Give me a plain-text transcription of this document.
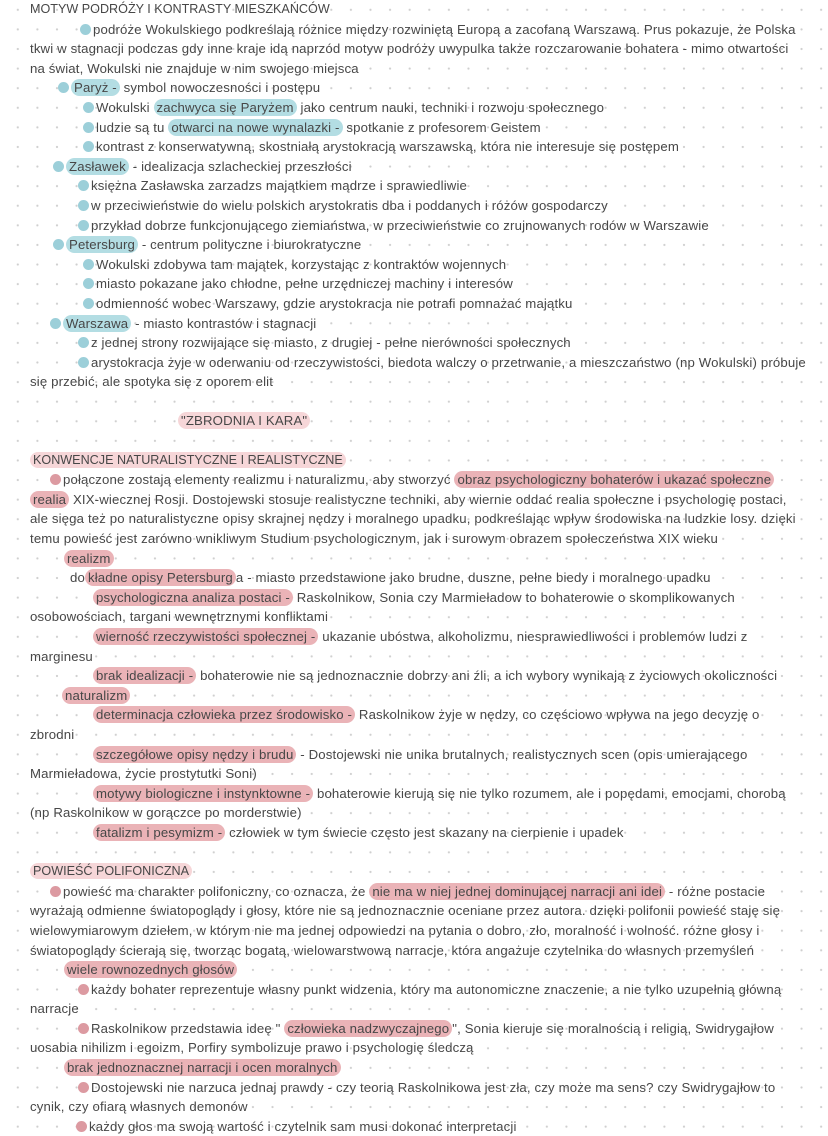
MOTYW PODRÓŻY I KONTRASTY MIESZKAŃCÓW
podróże Wokulskiego podkreślają różnice między rozwiniętą Europą a zacofaną Warszawą. Prus pokazuje, że Polska tkwi w stagnacji podczas gdy inne kraje idą naprzód motyw podróży uwypulka także rozczarowanie bohatera - mimo otwartości na świat, Wokulski nie znajduje w nim swojego miejsca
Paryż - symbol nowoczesności i postępu
Wokulski zachwyca się Paryżem jako centrum nauki, techniki i rozwoju społecznego
ludzie są tu otwarci na nowe wynalazki - spotkanie z profesorem Geistem
kontrast z konserwatywną, skostniałą arystokracją warszawską, która nie interesuje się postępem
Zasławek - idealizacja szlacheckiej przeszłości
księżna Zasławska zarzadzs majątkiem mądrze i sprawiedliwie
w przeciwieństwie do wielu polskich arystokratis dba i poddanych i różów gospodarczy
przykład dobrze funkcjonującego ziemiaństwa, w przeciwieństwie co zrujnowanych rodów w Warszawie
Petersburg - centrum polityczne i biurokratyczne
Wokulski zdobywa tam majątek, korzystając z kontraktów wojennych
miasto pokazane jako chłodne, pełne urzędniczej machiny i interesów
odmienność wobec Warszawy, gdzie arystokracja nie potrafi pomnażać majątku
Warszawa - miasto kontrastów i stagnacji
z jednej strony rozwijające się miasto, z drugiej - pełne nierówności społecznych
arystokracja żyje w oderwaniu od rzeczywistości, biedota walczy o przetrwanie, a mieszczaństwo (np Wokulski) próbuje się przebić, ale spotyka się z oporem elit
"ZBRODNIA I KARA"
KONWENCJE NATURALISTYCZNE I REALISTYCZNE
połączone zostają elementy realizmu i naturalizmu, aby stworzyć obraz psychologiczny bohaterów i ukazać społeczne realia XIX-wiecznej Rosji. Dostojewski stosuje realistyczne techniki, aby wiernie oddać realia społeczne i psychologię postaci, ale sięga też po naturalistyczne opisy skrajnej nędzy i moralnego upadku, podkreślając wpływ środowiska na ludzkie losy. dzięki temu powieść jest zarówno wnikliwym Studium psychologicznym, jak i surowym obrazem społeczeństwa XIX wieku
realizm
do kładne opisy Petersburg a - miasto przedstawione jako brudne, duszne, pełne biedy i moralnego upadku
psychologiczna analiza postaci - Raskolnikow, Sonia czy Marmieładow to bohaterowie o skomplikowanych osobowościach, targani wewnętrznymi konfliktami
wierność rzeczywistości społecznej - ukazanie ubóstwa, alkoholizmu, niesprawiedliwości i problemów ludzi z marginesu
brak idealizacji - bohaterowie nie są jednoznacznie dobrzy ani źli, a ich wybory wynikają z życiowych okoliczności
naturalizm
determinacja człowieka przez środowisko - Raskolnikow żyje w nędzy, co częściowo wpływa na jego decyzję o zbrodni
szczegółowe opisy nędzy i brudu - Dostojewski nie unika brutalnych, realistycznych scen (opis umierającego Marmieładowa, życie prostytutki Soni)
motywy biologiczne i instynktowne - bohaterowie kierują się nie tylko rozumem, ale i popędami, emocjami, chorobą (np Raskolnikow w gorączce po morderstwie)
fatalizm i pesymizm - człowiek w tym świecie często jest skazany na cierpienie i upadek
POWIEŚĆ POLIFONICZNA
powieść ma charakter polifoniczny, co oznacza, że nie ma w niej jednej dominującej narracji ani idei - różne postacie wyrażają odmienne światopoglądy i głosy, które nie są jednoznacznie oceniane przez autora. dzięki polifonii powieść staję się wielowymiarowym dziełem, w którym nie ma jednej odpowiedzi na pytania o dobro, zło, moralność i wolność. różne głosy i światopoglądy ścierają się, tworząc bogatą, wielowarstwową narracje, która angażuje czytelnika do własnych przemyśleń
wiele rownozednych głosów
każdy bohater reprezentuje własny punkt widzenia, który ma autonomiczne znaczenie, a nie tylko uzupełnią główną narracje
Raskolnikow przedstawia ideę " człowieka nadzwyczajnego ", Sonia kieruje się moralnością i religią, Swidrygajłow uosabia nihilizm i egoizm, Porfiry symbolizuje prawo i psychologię śledczą
brak jednoznacznej narracji i ocen moralnych
Dostojewski nie narzuca jednaj prawdy - czy teorią Raskolnikowa jest zła, czy może ma sens? czy Swidrygajłow to cynik, czy ofiarą własnych demonów
każdy głos ma swoją wartość i czytelnik sam musi dokonać interpretacji
